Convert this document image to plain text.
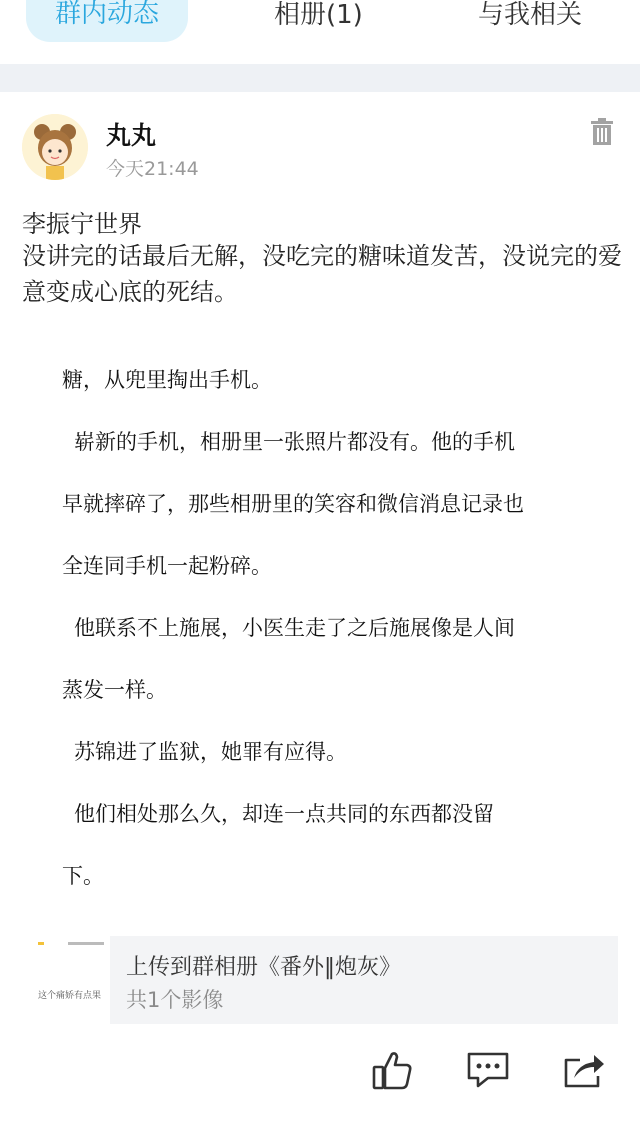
群内动态	相册(1)	与我相关
丸丸
今天21:44
李振宁世界
没讲完的话最后无解，没吃完的糖味道发苦，没说完的爱意变成心底的死结。
糖，从兜里掏出手机。
崭新的手机，相册里一张照片都没有。他的手机
早就摔碎了，那些相册里的笑容和微信消息记录也
全连同手机一起粉碎。
他联系不上施展，小医生走了之后施展像是人间
蒸发一样。
苏锦进了监狱，她罪有应得。
他们相处那么久，却连一点共同的东西都没留
下。
这个痛娇有点果
上传到群相册《番外‖炮灰》
共1个影像
